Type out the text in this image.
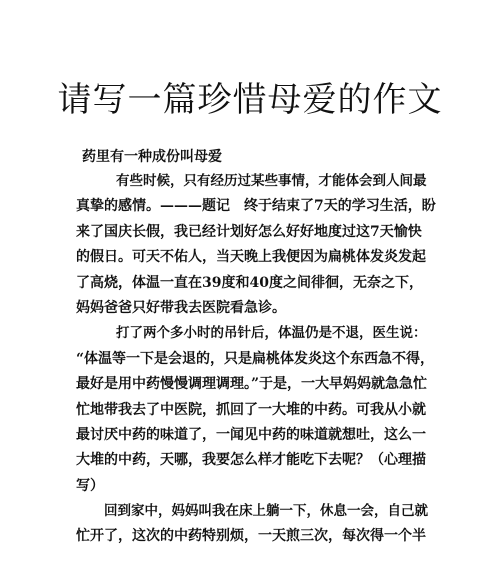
请写一篇珍惜母爱的作文
药里有一种成份叫母爱
有些时候，只有经历过某些事情，才能体会到人间最
真挚的感情。———题记　终于结束了7天的学习生活，盼
来了国庆长假，我已经计划好怎么好好地度过这7天愉快
的假日。可天不佑人，当天晚上我便因为扁桃体发炎发起
了高烧，体温一直在39度和40度之间徘徊，无奈之下，
妈妈爸爸只好带我去医院看急诊。
打了两个多小时的吊针后，体温仍是不退，医生说：
“体温等一下是会退的，只是扁桃体发炎这个东西急不得，
最好是用中药慢慢调理调理。”于是，一大早妈妈就急急忙
忙地带我去了中医院，抓回了一大堆的中药。可我从小就
最讨厌中药的味道了，一闻见中药的味道就想吐，这么一
大堆的中药，天哪，我要怎么样才能吃下去呢？（心理描
写）
回到家中，妈妈叫我在床上躺一下，休息一会，自己就
忙开了，这次的中药特别烦，一天煎三次，每次得一个半
